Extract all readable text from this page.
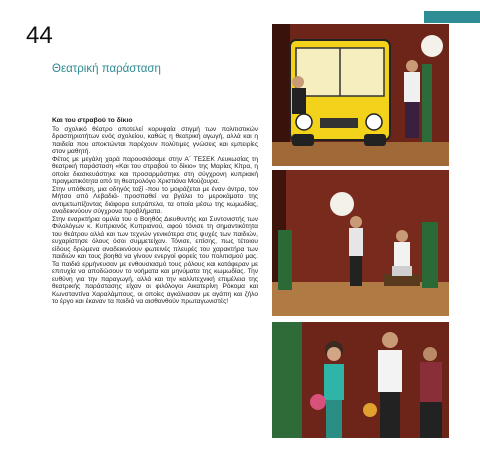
44
Θεατρική παράσταση
Και του στραβού το δίκιο

Το σχολικό θέατρο αποτελεί κορυφαία στιγμή των πολιτιστικών δραστηριοτήτων ενός σχολείου, καθώς η θεατρική αγωγή, αλλά και η παιδεία που αποκτώνται παρέχουν πολύτιμες γνώσεις και εμπειρίες στον μαθητή.

Φέτος με μεγάλη χαρά παρουσιάσαμε στην Α΄ ΤΕΣΕΚ Λευκωσίας τη θεατρική παράσταση «Και του στραβού το δίκιο» της Μαρίας Κίτρα, η οποία διασκευάστηκε και προσαρμόστηκε στη σύγχρονη κυπριακή πραγματικότητα από τη θεατρολόγο Χριστιάνα Μούζουρα.

Στην υπόθεση, μια οδηγός ταξί -που το μοιράζεται με έναν άντρα, τον Μήτσο από Λεβαδιά- προσπαθεί να βγάλει το μεροκάματο της αντιμετωπίζοντας διάφορα ευτράπελα, τα οποία μέσω της κωμωδίας, αναδεικνύουν σύγχρονα προβλήματα.

Στην εναρκτήρια ομιλία του ο Βοηθός Διευθυντής και Συντονιστής των Φιλολόγων κ. Κυπριανός Κυπριανού, αφού τόνισε τη σημαντικότητα του θεάτρου αλλά και των τεχνών γενικότερα στις ψυχές των παιδιών, ευχαρίστησε όλους όσοι συμμετείχαν. Τόνισε, επίσης, πως τέτοιου είδους δρώμενα αναδεικνύουν φωτεινές πλευρές του χαρακτήρα των παιδιών και τους βοηθά να γίνουν ενεργοί φορείς του πολιτισμού μας. Τα παιδιά ερμήνευσαν με ενθουσιασμό τους ρόλους και κατάφεραν με επιτυχία να αποδώσουν το νοήματα και μηνύματα της κωμωδίας. Την ευθύνη για την παραγωγή, αλλά και την καλλιτεχνική επιμέλεια της θεατρικής παράστασης είχαν οι φιλόλογοι Αικατερίνη Ρόκομα και Κωνσταντίνα Χαραλάμπους, οι οποίες αγκάλιασαν με αγάπη και ζήλο το έργο και έκαναν τα παιδιά να αισθανθούν πρωταγωνιστές!
